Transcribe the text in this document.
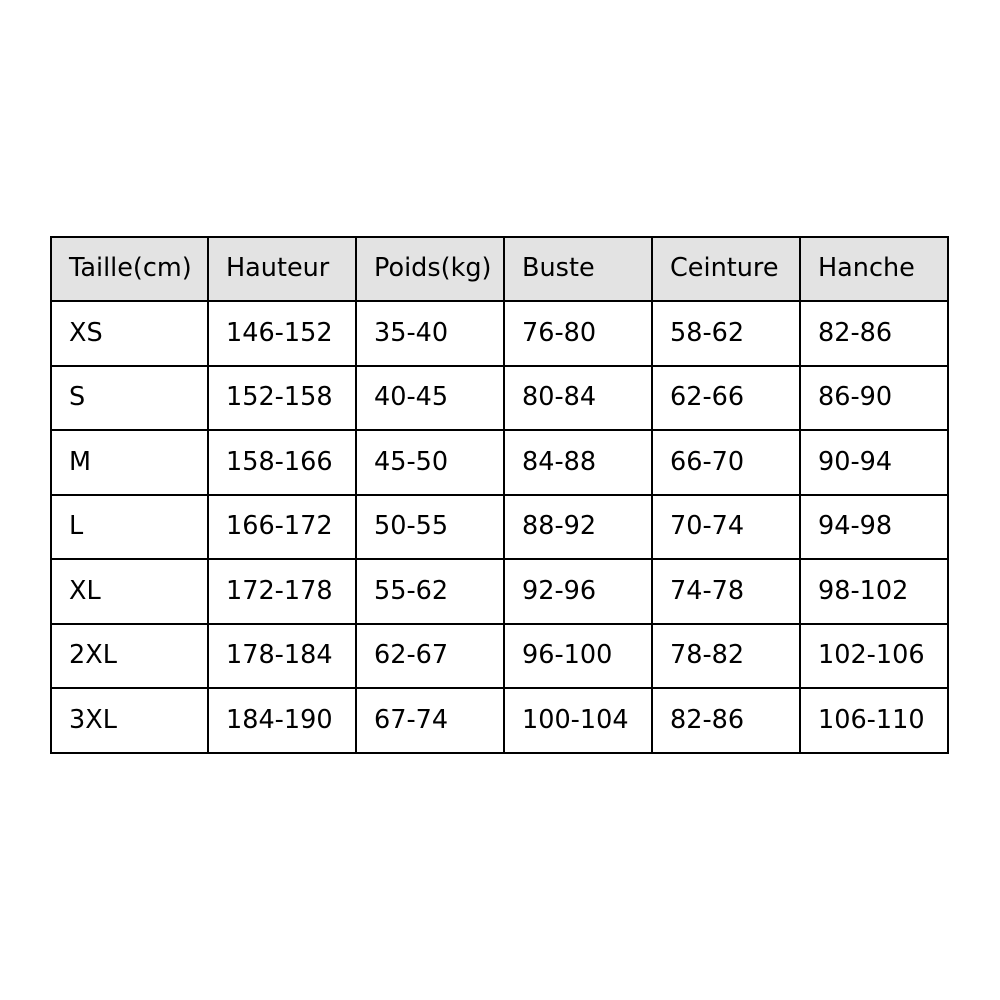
Taille(cm)	Hauteur	Poids(kg)	Buste	Ceinture	Hanche
XS	146-152	35-40	76-80	58-62	82-86
S	152-158	40-45	80-84	62-66	86-90
M	158-166	45-50	84-88	66-70	90-94
L	166-172	50-55	88-92	70-74	94-98
XL	172-178	55-62	92-96	74-78	98-102
2XL	178-184	62-67	96-100	78-82	102-106
3XL	184-190	67-74	100-104	82-86	106-110
